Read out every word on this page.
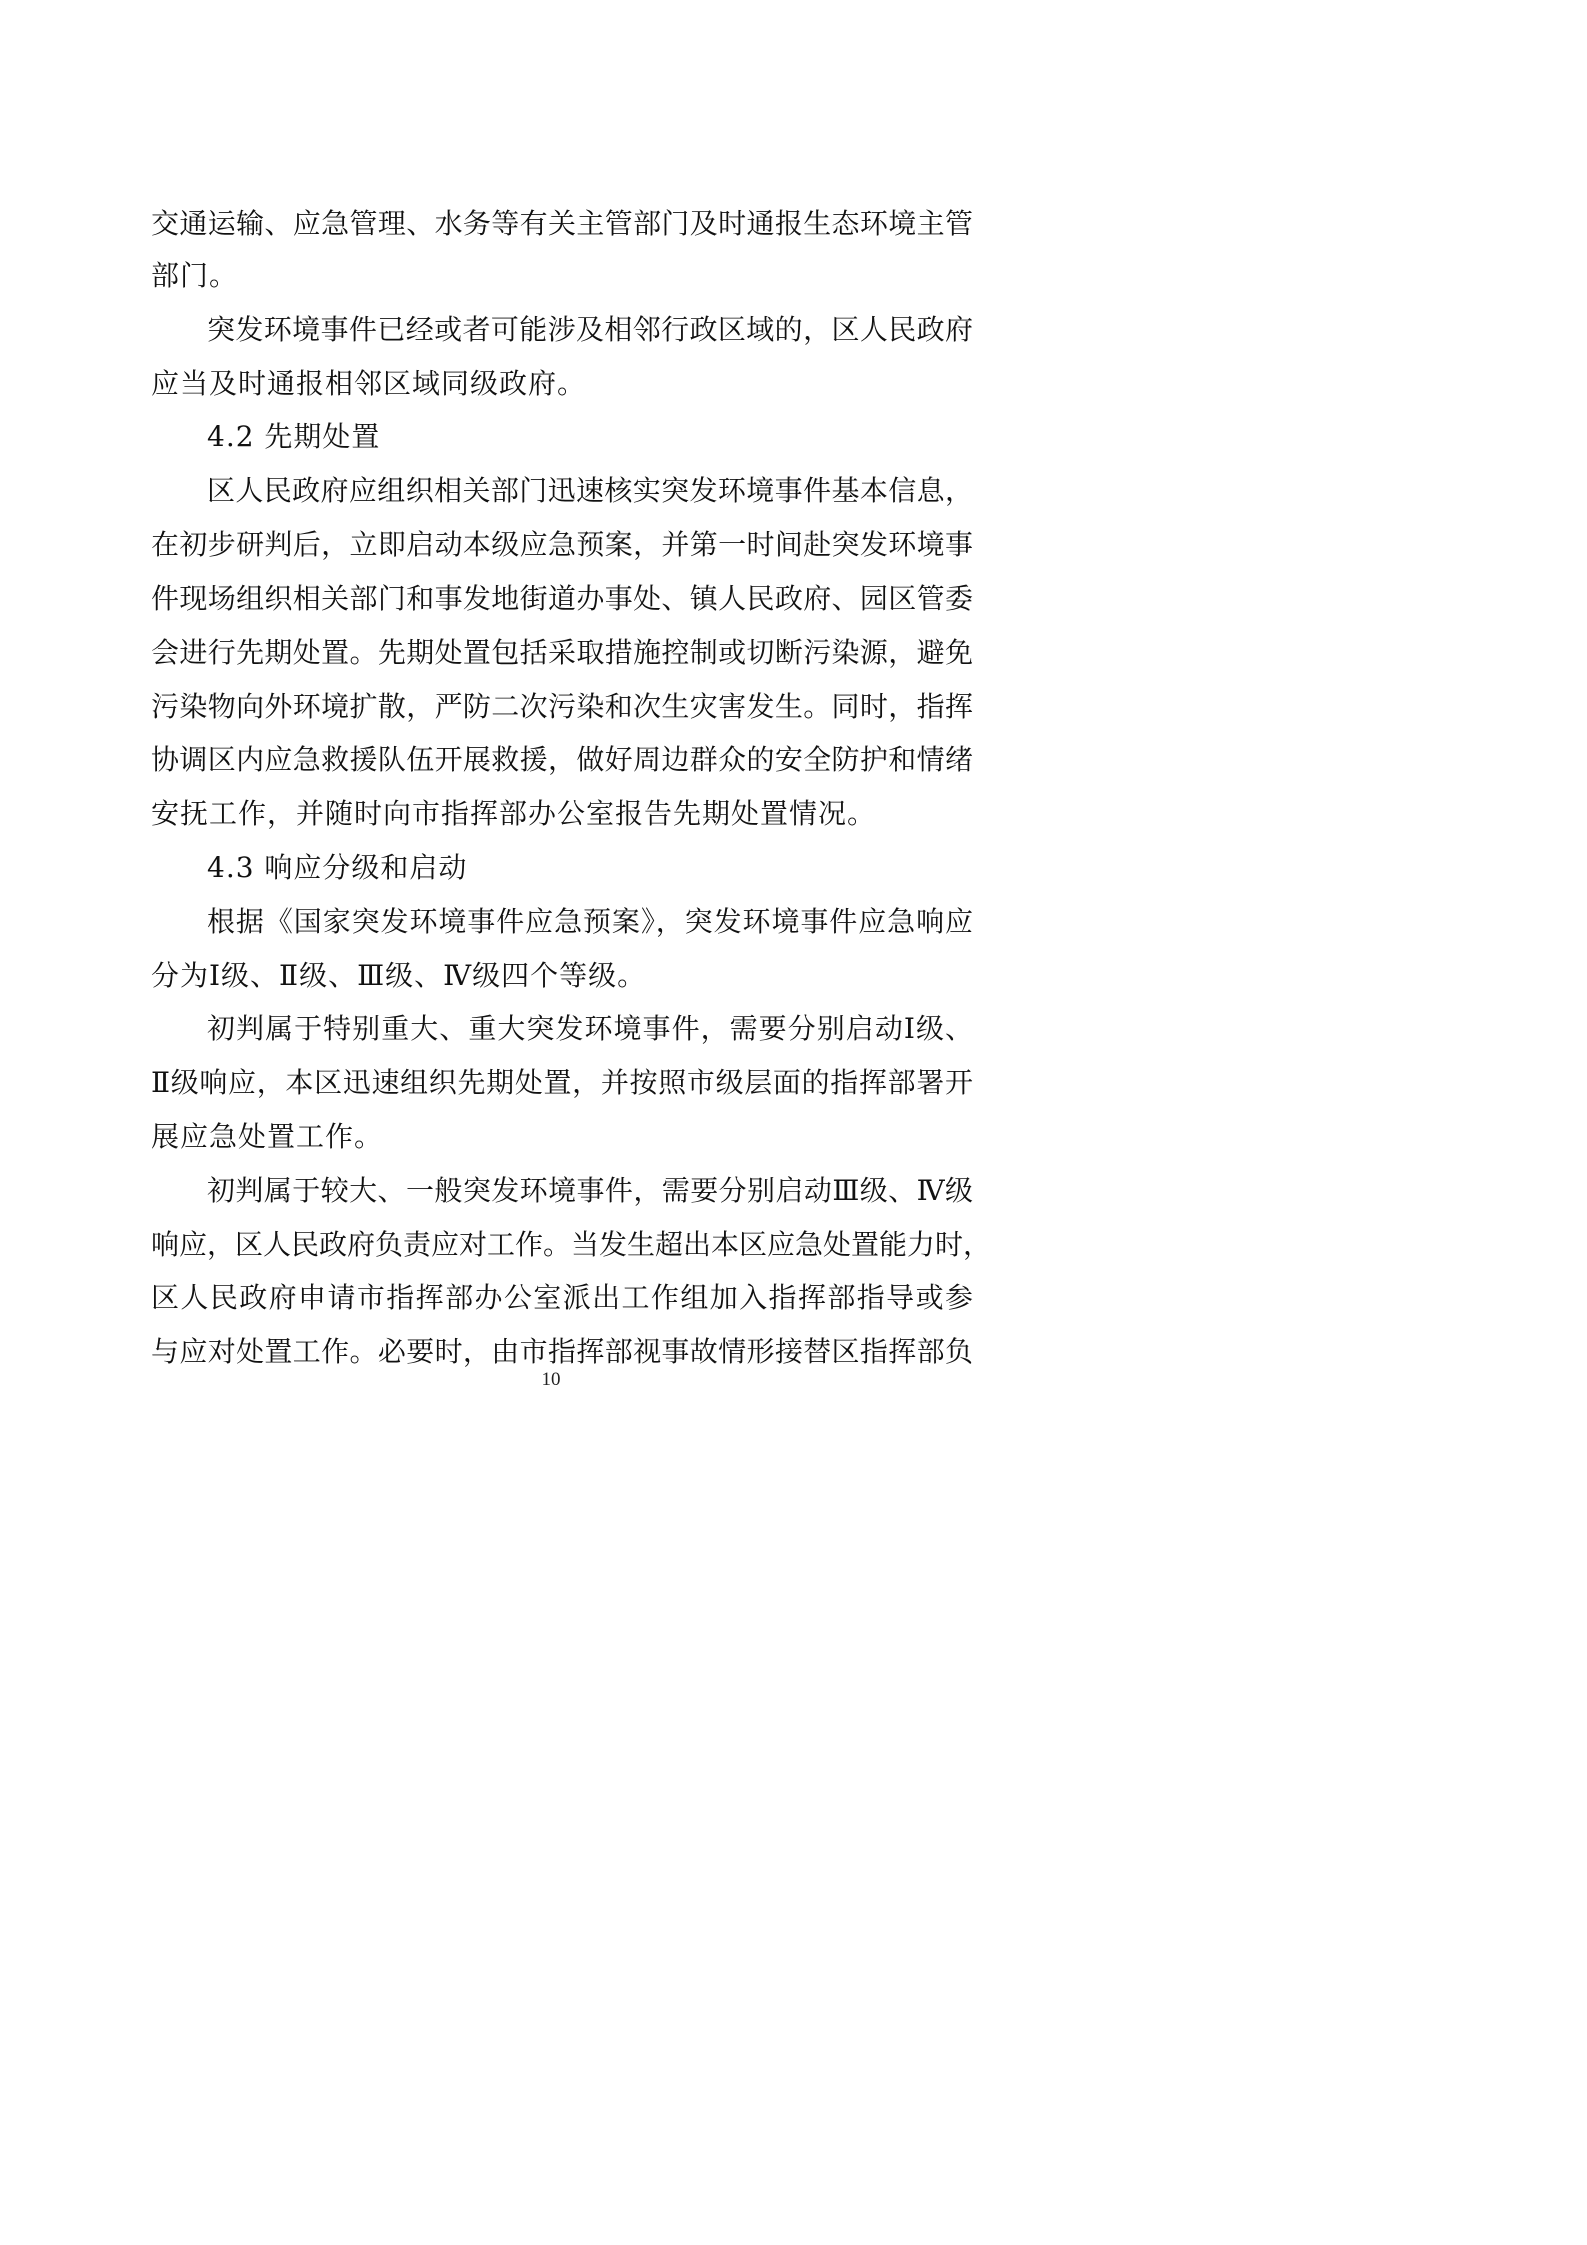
交通运输、应急管理、水务等有关主管部门及时通报生态环境主管
部门。
突发环境事件已经或者可能涉及相邻行政区域的，区人民政府
应当及时通报相邻区域同级政府。
4.2 先期处置
区人民政府应组织相关部门迅速核实突发环境事件基本信息，
在初步研判后，立即启动本级应急预案，并第一时间赴突发环境事
件现场组织相关部门和事发地街道办事处、镇人民政府、园区管委
会进行先期处置。先期处置包括采取措施控制或切断污染源，避免
污染物向外环境扩散，严防二次污染和次生灾害发生。同时，指挥
协调区内应急救援队伍开展救援，做好周边群众的安全防护和情绪
安抚工作，并随时向市指挥部办公室报告先期处置情况。
4.3 响应分级和启动
根据《国家突发环境事件应急预案》，突发环境事件应急响应
分为Ⅰ级、Ⅱ级、Ⅲ级、Ⅳ级四个等级。
初判属于特别重大、重大突发环境事件，需要分别启动Ⅰ级、
Ⅱ级响应，本区迅速组织先期处置，并按照市级层面的指挥部署开
展应急处置工作。
初判属于较大、一般突发环境事件，需要分别启动Ⅲ级、Ⅳ级
响应，区人民政府负责应对工作。当发生超出本区应急处置能力时，
区人民政府申请市指挥部办公室派出工作组加入指挥部指导或参
与应对处置工作。必要时，由市指挥部视事故情形接替区指挥部负
10
